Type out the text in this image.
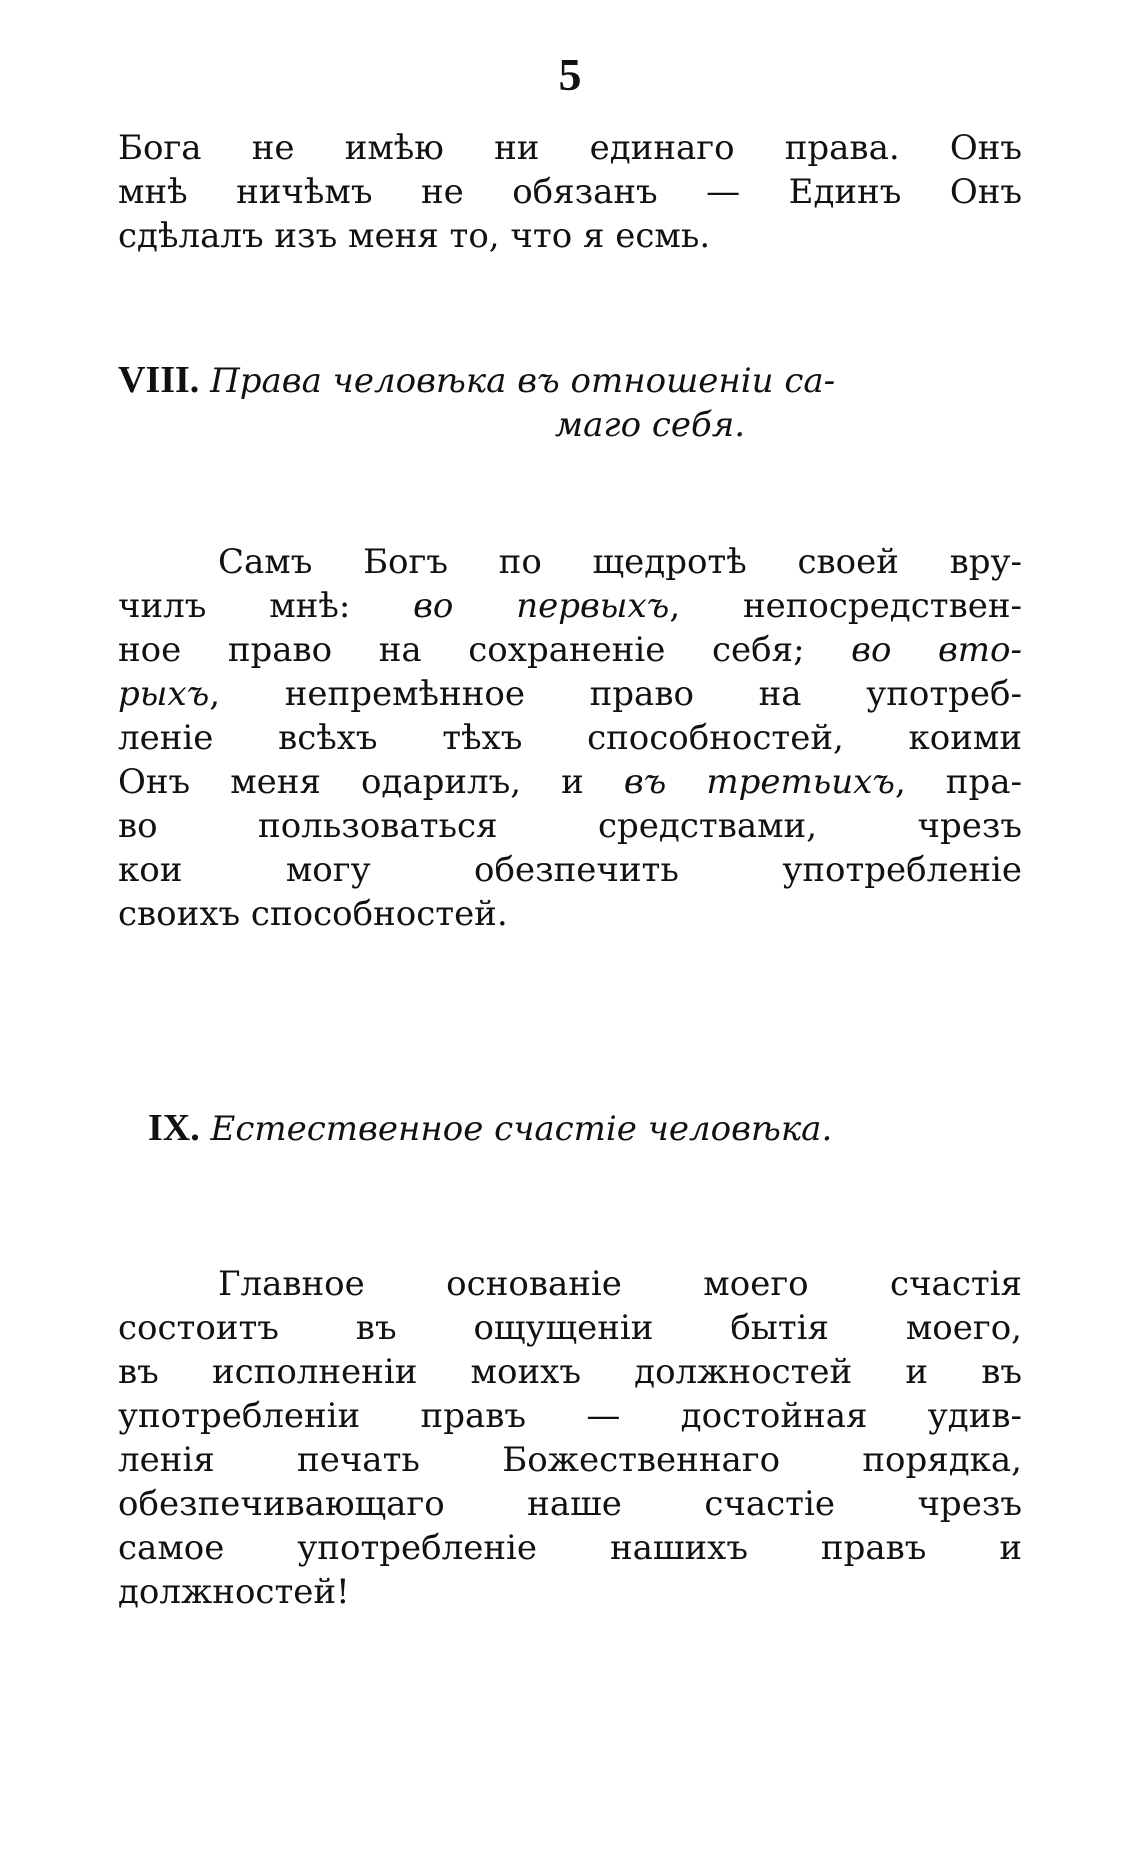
5
Бога не имѣю ни единаго права. Онъ
мнѣ ничѣмъ не обязанъ — Единъ Онъ
сдѣлалъ изъ меня то, что я есмь.
VIII. Права человѣка въ отношеніи са-
маго себя.
Самъ Богъ по щедротѣ своей вру-
чилъ мнѣ: во первыхъ, непосредствен-
ное право на сохраненіе себя; во вто-
рыхъ, непремѣнное право на употреб-
леніе всѣхъ тѣхъ способностей, коими
Онъ меня одарилъ, и въ третьихъ, пра-
во пользоваться средствами, чрезъ
кои могу обезпечить употребленіе
своихъ способностей.
IX. Естественное счастіе человѣка.
Главное основаніе моего счастія
состоитъ въ ощущеніи бытія моего,
въ исполненіи моихъ должностей и въ
употребленіи правъ — достойная удив-
ленія печать Божественнаго порядка,
обезпечивающаго наше счастіе чрезъ
самое употребленіе нашихъ правъ и
должностей!
